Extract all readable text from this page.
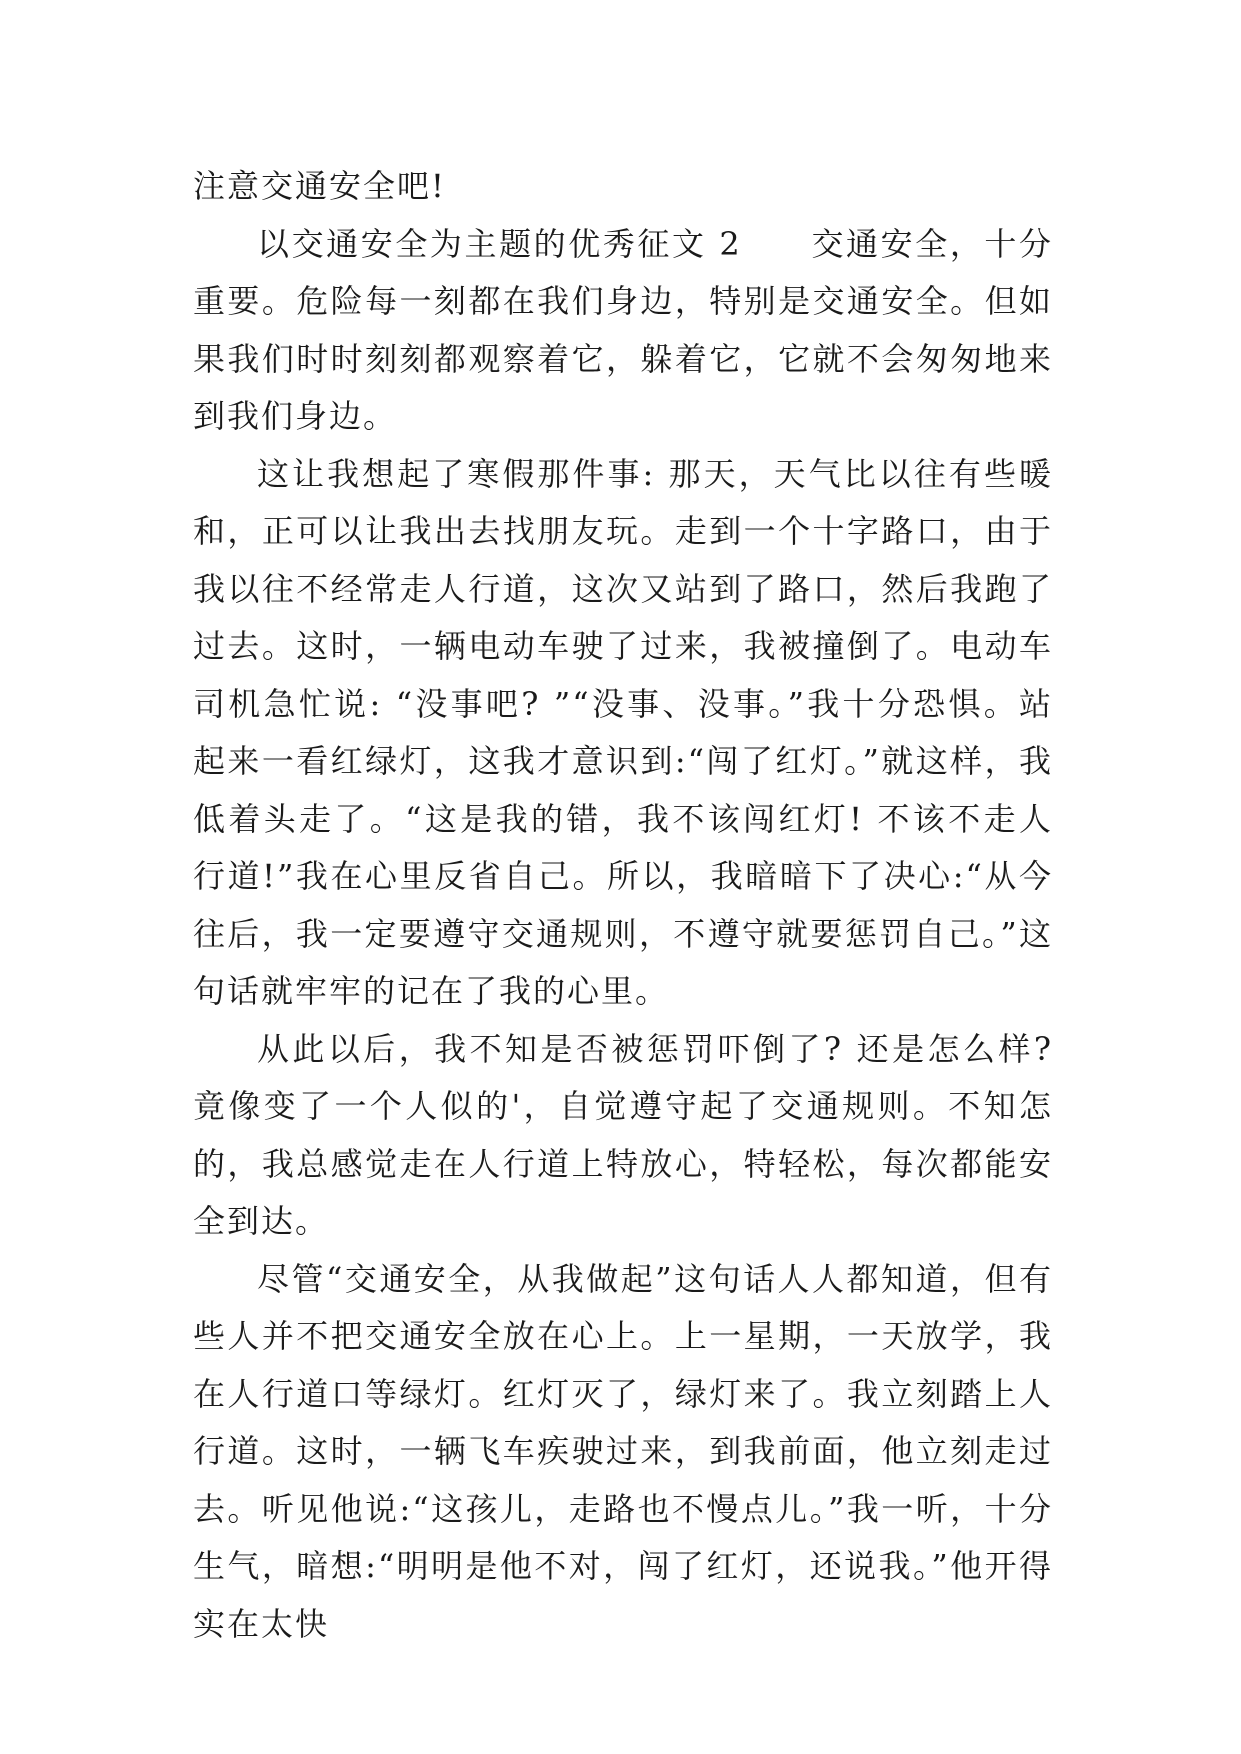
注意交通安全吧!

以交通安全为主题的优秀征文 2　　交通安全，十分重要。危险每一刻都在我们身边，特别是交通安全。但如果我们时时刻刻都观察着它，躲着它，它就不会匆匆地来到我们身边。

这让我想起了寒假那件事: 那天，天气比以往有些暖和，正可以让我出去找朋友玩。走到一个十字路口，由于我以往不经常走人行道，这次又站到了路口，然后我跑了过去。这时，一辆电动车驶了过来，我被撞倒了。电动车司机急忙说: “没事吧? ”“没事、没事。”我十分恐惧。站起来一看红绿灯，这我才意识到:“闯了红灯。”就这样，我低着头走了。“这是我的错，我不该闯红灯! 不该不走人行道!”我在心里反省自己。所以，我暗暗下了决心:“从今往后，我一定要遵守交通规则，不遵守就要惩罚自己。”这句话就牢牢的记在了我的心里。

从此以后，我不知是否被惩罚吓倒了? 还是怎么样? 竟像变了一个人似的'，自觉遵守起了交通规则。不知怎的，我总感觉走在人行道上特放心，特轻松，每次都能安全到达。

尽管“交通安全，从我做起”这句话人人都知道，但有些人并不把交通安全放在心上。上一星期，一天放学，我在人行道口等绿灯。红灯灭了，绿灯来了。我立刻踏上人行道。这时，一辆飞车疾驶过来，到我前面，他立刻走过去。听见他说:“这孩儿，走路也不慢点儿。”我一听，十分生气，暗想:“明明是他不对，闯了红灯，还说我。”他开得实在太快
